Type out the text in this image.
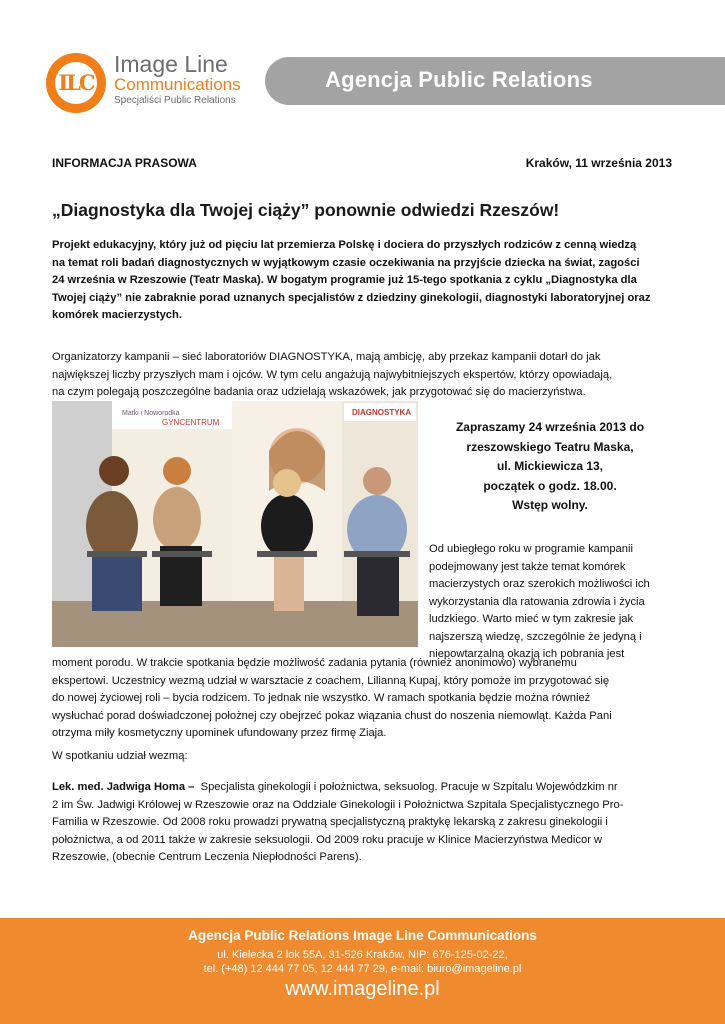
ILC
Image Line
Communications
Specjaliści Public Relations
Agencja Public Relations
INFORMACJA PRASOWA	Kraków, 11 września 2013
„Diagnostyka dla Twojej ciąży” ponownie odwiedzi Rzeszów!

Projekt edukacyjny, który już od pięciu lat przemierza Polskę i dociera do przyszłych rodziców z cenną wiedzą

na temat roli badań diagnostycznych w wyjątkowym czasie oczekiwania na przyjście dziecka na świat, zagości

24 września w Rzeszowie (Teatr Maska). W bogatym programie już 15-tego spotkania z cyklu „Diagnostyka dla

Twojej ciąży” nie zabraknie porad uznanych specjalistów z dziedziny ginekologii, diagnostyki laboratoryjnej oraz

komórek macierzystych.

Organizatorzy kampanii – sieć laboratoriów DIAGNOSTYKA, mają ambicję, aby przekaz kampanii dotarł do jak

największej liczby przyszłych mam i ojców. W tym celu angażują najwybitniejszych ekspertów, którzy opowiadają,

na czym polegają poszczególne badania oraz udzielają wskazówek, jak przygotować się do macierzyństwa.

Matki i Noworodka
GYNCENTRUM
DIAGNOSTYKA

Zapraszamy 24 września 2013 do

rzeszowskiego Teatru Maska,

ul. Mickiewicza 13,

początek o godz. 18.00.

Wstęp wolny.

Od ubiegłego roku w programie kampanii

podejmowany jest także temat komórek

macierzystych oraz szerokich możliwości ich

wykorzystania dla ratowania zdrowia i życia

ludzkiego. Warto mieć w tym zakresie jak

najszerszą wiedzę, szczególnie że jedyną i

niepowtarzalną okazją ich pobrania jest

moment porodu. W trakcie spotkania będzie możliwość zadania pytania (również anonimowo) wybranemu

ekspertowi. Uczestnicy wezmą udział w warsztacie z coachem, Lilianną Kupaj, który pomoże im przygotować się

do nowej życiowej roli – bycia rodzicem. To jednak nie wszystko. W ramach spotkania będzie można również

wysłuchać porad doświadczonej położnej czy obejrzeć pokaz wiązania chust do noszenia niemowląt. Każda Pani

otrzyma miły kosmetyczny upominek ufundowany przez firmę Ziaja.

W spotkaniu udział wezmą:

Lek. med. Jadwiga Homa – Specjalista ginekologii i położnictwa, seksuolog. Pracuje w Szpitalu Wojewódzkim nr

2 im Św. Jadwigi Królowej w Rzeszowie oraz na Oddziale Ginekologii i Położnictwa Szpitala Specjalistycznego Pro-

Familia w Rzeszowie. Od 2008 roku prowadzi prywatną specjalistyczną praktykę lekarską z zakresu ginekologii i

położnictwa, a od 2011 także w zakresie seksuologii. Od 2009 roku pracuje w Klinice Macierzyństwa Medicor w

Rzeszowie, (obecnie Centrum Leczenia Niepłodności Parens).

Agencja Public Relations Image Line Communications
ul. Kielecka 2 lok 55A, 31-526 Kraków, NIP: 676-125-02-22,
tel. (+48) 12 444 77 05, 12 444 77 29, e-mail: biuro@imageline.pl
www.imageline.pl
